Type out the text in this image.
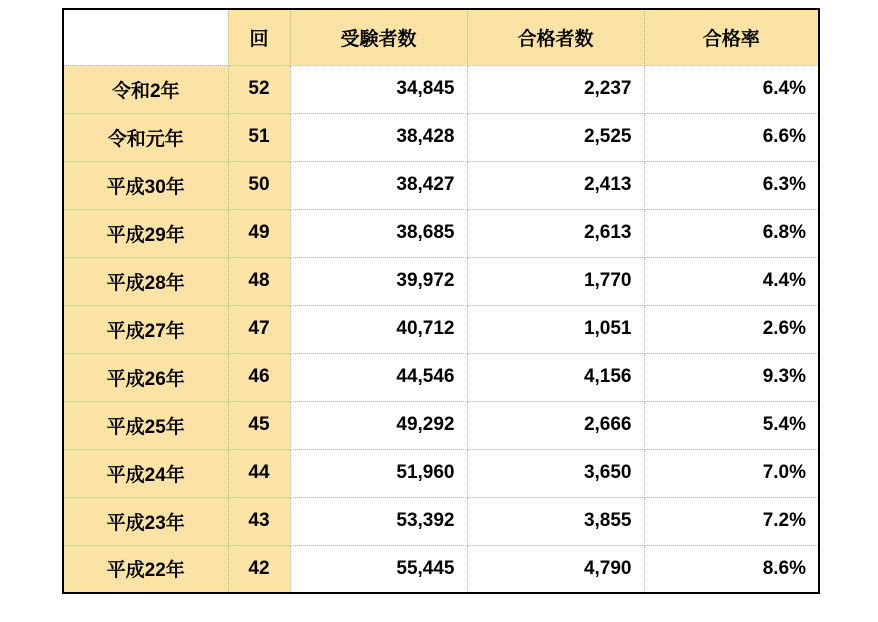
	回	受験者数	合格者数	合格率
令和2年	52	34,845	2,237	6.4%
令和元年	51	38,428	2,525	6.6%
平成30年	50	38,427	2,413	6.3%
平成29年	49	38,685	2,613	6.8%
平成28年	48	39,972	1,770	4.4%
平成27年	47	40,712	1,051	2.6%
平成26年	46	44,546	4,156	9.3%
平成25年	45	49,292	2,666	5.4%
平成24年	44	51,960	3,650	7.0%
平成23年	43	53,392	3,855	7.2%
平成22年	42	55,445	4,790	8.6%
